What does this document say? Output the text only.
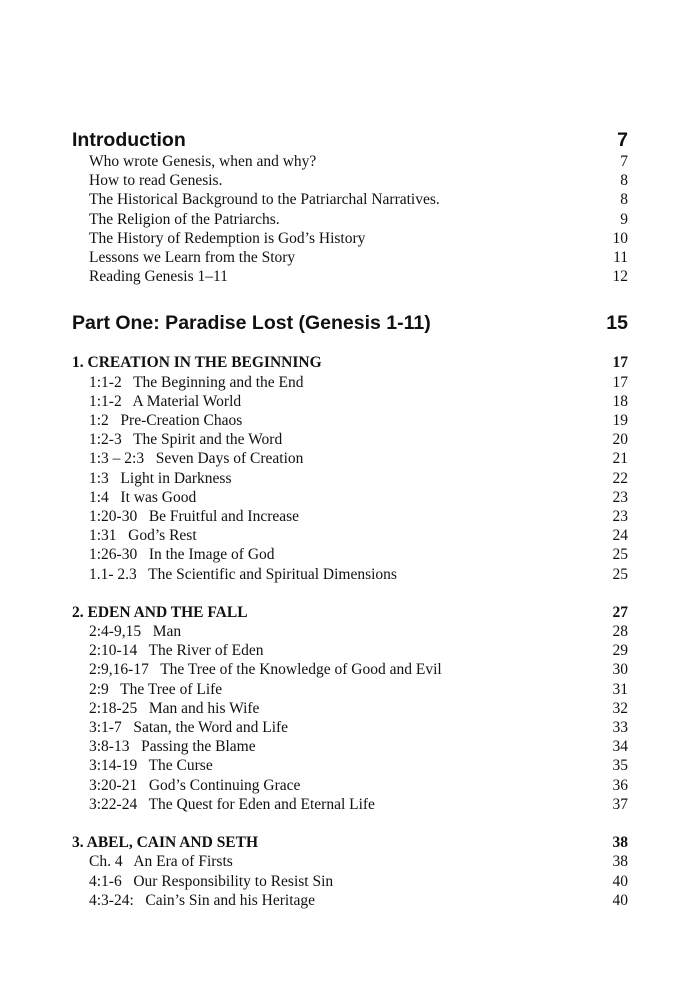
Introduction	7
Who wrote Genesis, when and why?	7
How to read Genesis.	8
The Historical Background to the Patriarchal Narratives.	8
The Religion of the Patriarchs.	9
The History of Redemption is God’s History	10
Lessons we Learn from the Story	11
Reading Genesis 1–11	12
Part One: Paradise Lost (Genesis 1-11)	15
1. CREATION IN THE BEGINNING	17
1:1-2   The Beginning and the End	17
1:1-2   A Material World	18
1:2   Pre-Creation Chaos	19
1:2-3   The Spirit and the Word	20
1:3 – 2:3   Seven Days of Creation	21
1:3   Light in Darkness	22
1:4   It was Good	23
1:20-30   Be Fruitful and Increase	23
1:31   God’s Rest	24
1:26-30   In the Image of God	25
1.1- 2.3   The Scientific and Spiritual Dimensions	25
2. EDEN AND THE FALL	27
2:4-9,15   Man	28
2:10-14   The River of Eden	29
2:9,16-17   The Tree of the Knowledge of Good and Evil	30
2:9   The Tree of Life	31
2:18-25   Man and his Wife	32
3:1-7   Satan, the Word and Life	33
3:8-13   Passing the Blame	34
3:14-19   The Curse	35
3:20-21   God’s Continuing Grace	36
3:22-24   The Quest for Eden and Eternal Life	37
3. ABEL, CAIN AND SETH	38
Ch. 4   An Era of Firsts	38
4:1-6   Our Responsibility to Resist Sin	40
4:3-24:   Cain’s Sin and his Heritage	40
